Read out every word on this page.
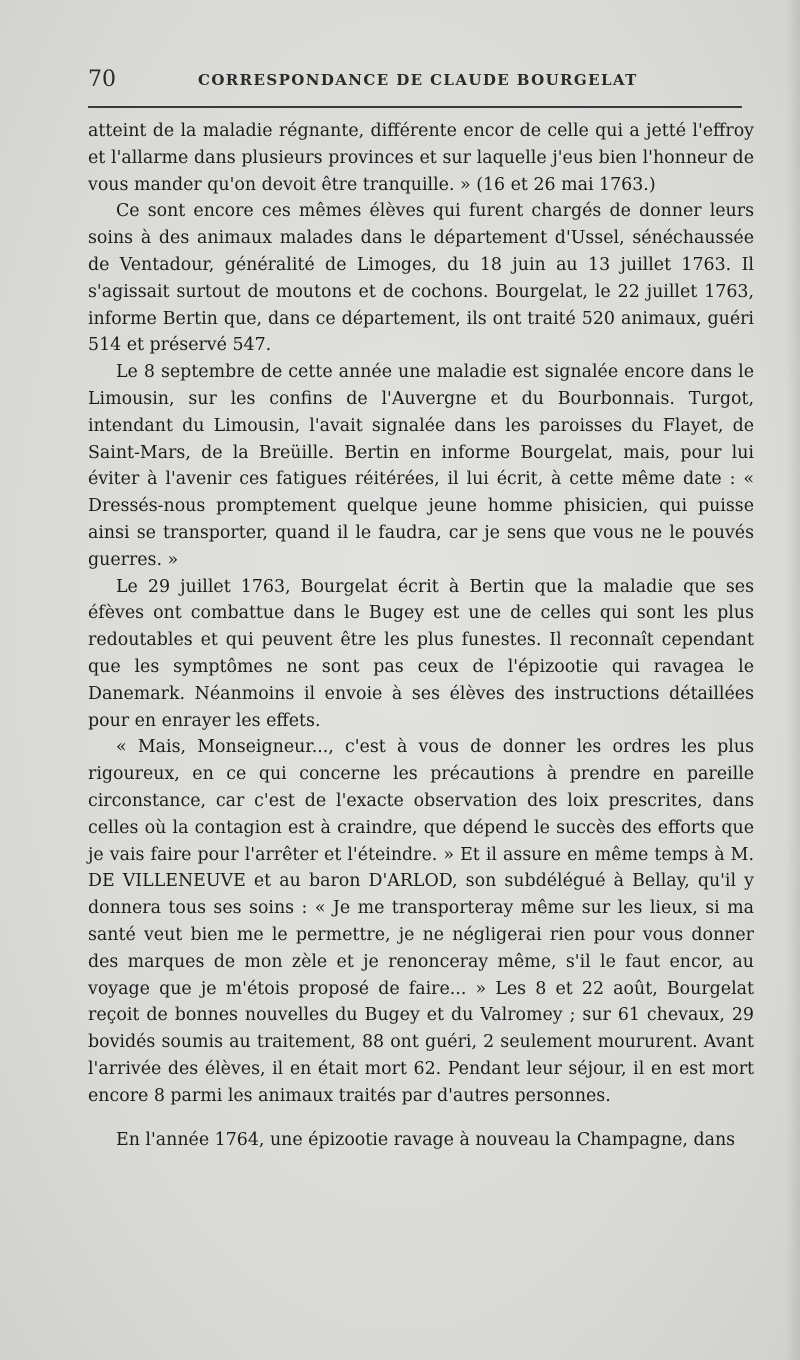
70	CORRESPONDANCE DE CLAUDE BOURGELAT

atteint de la maladie régnante, différente encor de celle qui a jetté l'effroy et l'allarme dans plusieurs provinces et sur laquelle j'eus bien l'honneur de vous mander qu'on devoit être tranquille. » (16 et 26 mai 1763.)

Ce sont encore ces mêmes élèves qui furent chargés de donner leurs soins à des animaux malades dans le département d'Ussel, sénéchaussée de Ventadour, généralité de Limoges, du 18 juin au 13 juillet 1763. Il s'agissait surtout de moutons et de cochons. Bourgelat, le 22 juillet 1763, informe Bertin que, dans ce département, ils ont traité 520 animaux, guéri 514 et préservé 547.

Le 8 septembre de cette année une maladie est signalée encore dans le Limousin, sur les confins de l'Auvergne et du Bourbonnais. Turgot, intendant du Limousin, l'avait signalée dans les paroisses du Flayet, de Saint-Mars, de la Breüille. Bertin en informe Bourgelat, mais, pour lui éviter à l'avenir ces fatigues réitérées, il lui écrit, à cette même date : « Dressés-nous promptement quelque jeune homme phisicien, qui puisse ainsi se transporter, quand il le faudra, car je sens que vous ne le pouvés guerres. »

Le 29 juillet 1763, Bourgelat écrit à Bertin que la maladie que ses éfèves ont combattue dans le Bugey est une de celles qui sont les plus redoutables et qui peuvent être les plus funestes. Il reconnaît cependant que les symptômes ne sont pas ceux de l'épizootie qui ravagea le Danemark. Néanmoins il envoie à ses élèves des instructions détaillées pour en enrayer les effets.

« Mais, Monseigneur..., c'est à vous de donner les ordres les plus rigoureux, en ce qui concerne les précautions à prendre en pareille circonstance, car c'est de l'exacte observation des loix prescrites, dans celles où la contagion est à craindre, que dépend le succès des efforts que je vais faire pour l'arrêter et l'éteindre. » Et il assure en même temps à M. DE VILLENEUVE et au baron D'ARLOD, son subdélégué à Bellay, qu'il y donnera tous ses soins : « Je me transporteray même sur les lieux, si ma santé veut bien me le permettre, je ne négligerai rien pour vous donner des marques de mon zèle et je renonceray même, s'il le faut encor, au voyage que je m'étois proposé de faire... » Les 8 et 22 août, Bourgelat reçoit de bonnes nouvelles du Bugey et du Valromey ; sur 61 chevaux, 29 bovidés soumis au traitement, 88 ont guéri, 2 seulement moururent. Avant l'arrivée des élèves, il en était mort 62. Pendant leur séjour, il en est mort encore 8 parmi les animaux traités par d'autres personnes.

En l'année 1764, une épizootie ravage à nouveau la Champagne, dans
